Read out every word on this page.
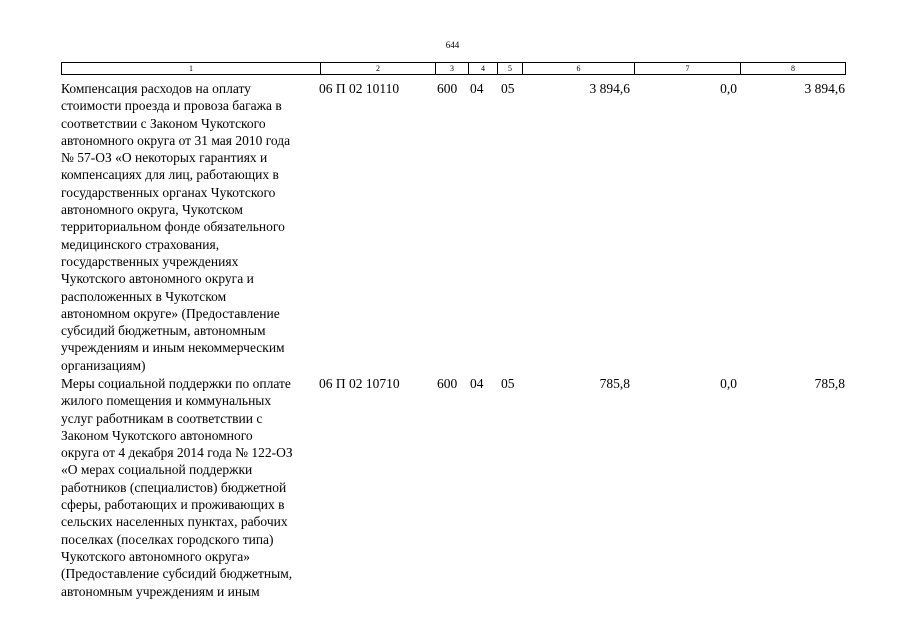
644
1	2	3	4	5	6	7	8
Компенсация расходов на оплату
стоимости проезда и провоза багажа в
соответствии с Законом Чукотского
автономного округа от 31 мая 2010 года
№ 57-ОЗ «О некоторых гарантиях и
компенсациях для лиц, работающих в
государственных органах Чукотского
автономного округа, Чукотском
территориальном фонде обязательного
медицинского страхования,
государственных учреждениях
Чукотского автономного округа и
расположенных в Чукотском
автономном округе» (Предоставление
субсидий бюджетным, автономным
учреждениям и иным некоммерческим
организациям)
06 П 02 10110	600 04 05	3 894,6	0,0	3 894,6
Меры социальной поддержки по оплате
жилого помещения и коммунальных
услуг работникам в соответствии с
Законом Чукотского автономного
округа от 4 декабря 2014 года № 122-ОЗ
«О мерах социальной поддержки
работников (специалистов) бюджетной
сферы, работающих и проживающих в
сельских населенных пунктах, рабочих
поселках (поселках городского типа)
Чукотского автономного округа»
(Предоставление субсидий бюджетным,
автономным учреждениям и иным
06 П 02 10710	600 04 05	785,8	0,0	785,8
